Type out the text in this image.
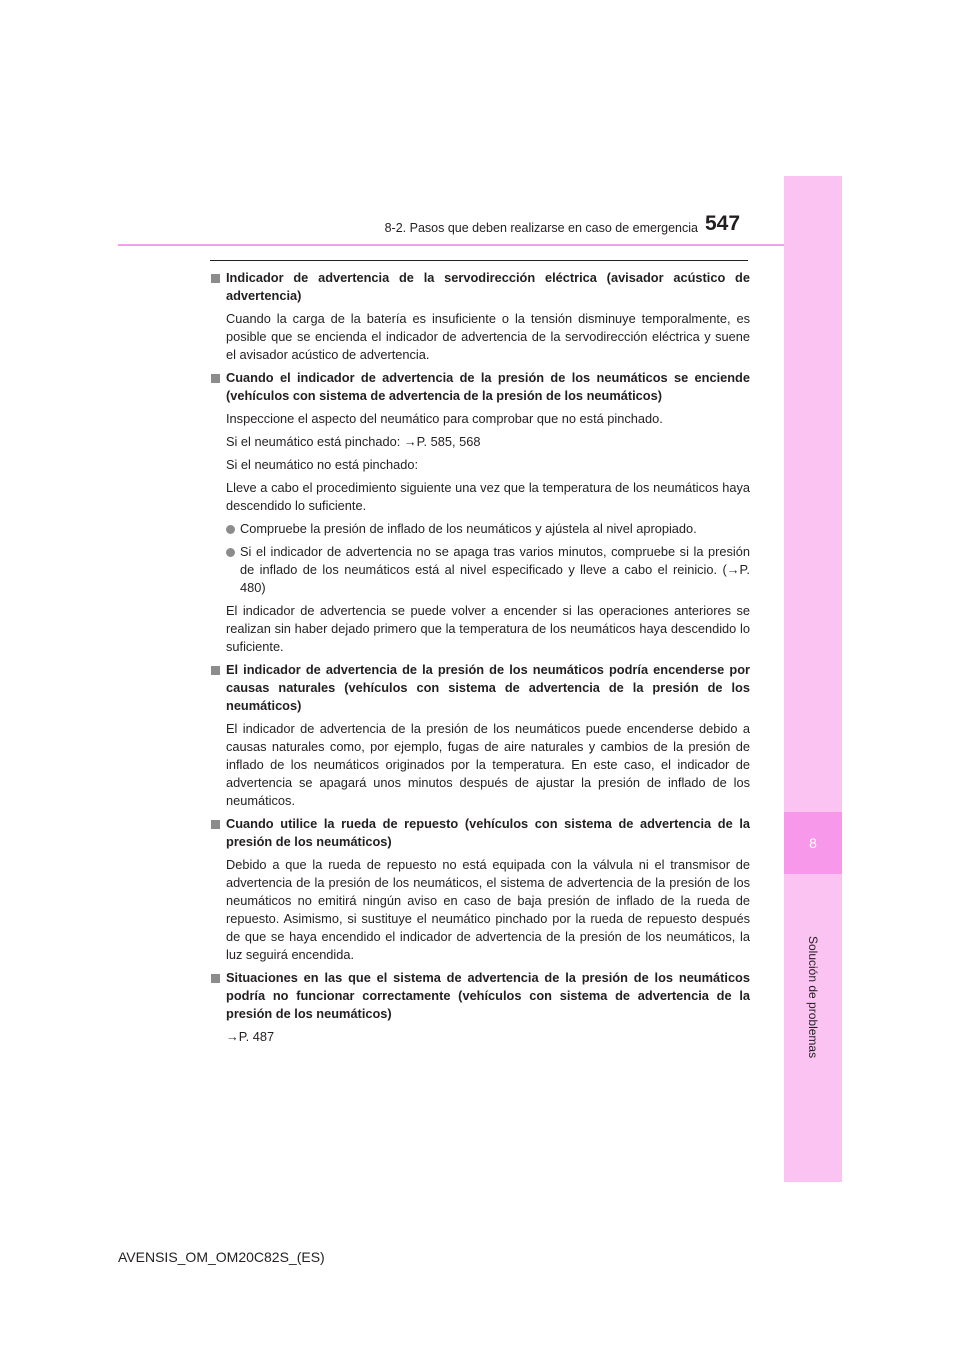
8
Solución de problemas
8-2. Pasos que deben realizarse en caso de emergencia 547
Indicador de advertencia de la servodirección eléctrica (avisador acústico de advertencia)
Cuando la carga de la batería es insuficiente o la tensión disminuye temporalmente, es posible que se encienda el indicador de advertencia de la servodirección eléctrica y suene el avisador acústico de advertencia.
Cuando el indicador de advertencia de la presión de los neumáticos se enciende (vehículos con sistema de advertencia de la presión de los neumáticos)
Inspeccione el aspecto del neumático para comprobar que no está pinchado.
Si el neumático está pinchado: →P. 585, 568
Si el neumático no está pinchado:
Lleve a cabo el procedimiento siguiente una vez que la temperatura de los neumáticos haya descendido lo suficiente.
Compruebe la presión de inflado de los neumáticos y ajústela al nivel apropiado.
Si el indicador de advertencia no se apaga tras varios minutos, compruebe si la presión de inflado de los neumáticos está al nivel especificado y lleve a cabo el reinicio. (→P. 480)
El indicador de advertencia se puede volver a encender si las operaciones anteriores se realizan sin haber dejado primero que la temperatura de los neumáticos haya descendido lo suficiente.
El indicador de advertencia de la presión de los neumáticos podría encenderse por causas naturales (vehículos con sistema de advertencia de la presión de los neumáticos)
El indicador de advertencia de la presión de los neumáticos puede encenderse debido a causas naturales como, por ejemplo, fugas de aire naturales y cambios de la presión de inflado de los neumáticos originados por la temperatura. En este caso, el indicador de advertencia se apagará unos minutos después de ajustar la presión de inflado de los neumáticos.
Cuando utilice la rueda de repuesto (vehículos con sistema de advertencia de la presión de los neumáticos)
Debido a que la rueda de repuesto no está equipada con la válvula ni el transmisor de advertencia de la presión de los neumáticos, el sistema de advertencia de la presión de los neumáticos no emitirá ningún aviso en caso de baja presión de inflado de la rueda de repuesto. Asimismo, si sustituye el neumático pinchado por la rueda de repuesto después de que se haya encendido el indicador de advertencia de la presión de los neumáticos, la luz seguirá encendida.
Situaciones en las que el sistema de advertencia de la presión de los neumáticos podría no funcionar correctamente (vehículos con sistema de advertencia de la presión de los neumáticos)
→P. 487
AVENSIS_OM_OM20C82S_(ES)
